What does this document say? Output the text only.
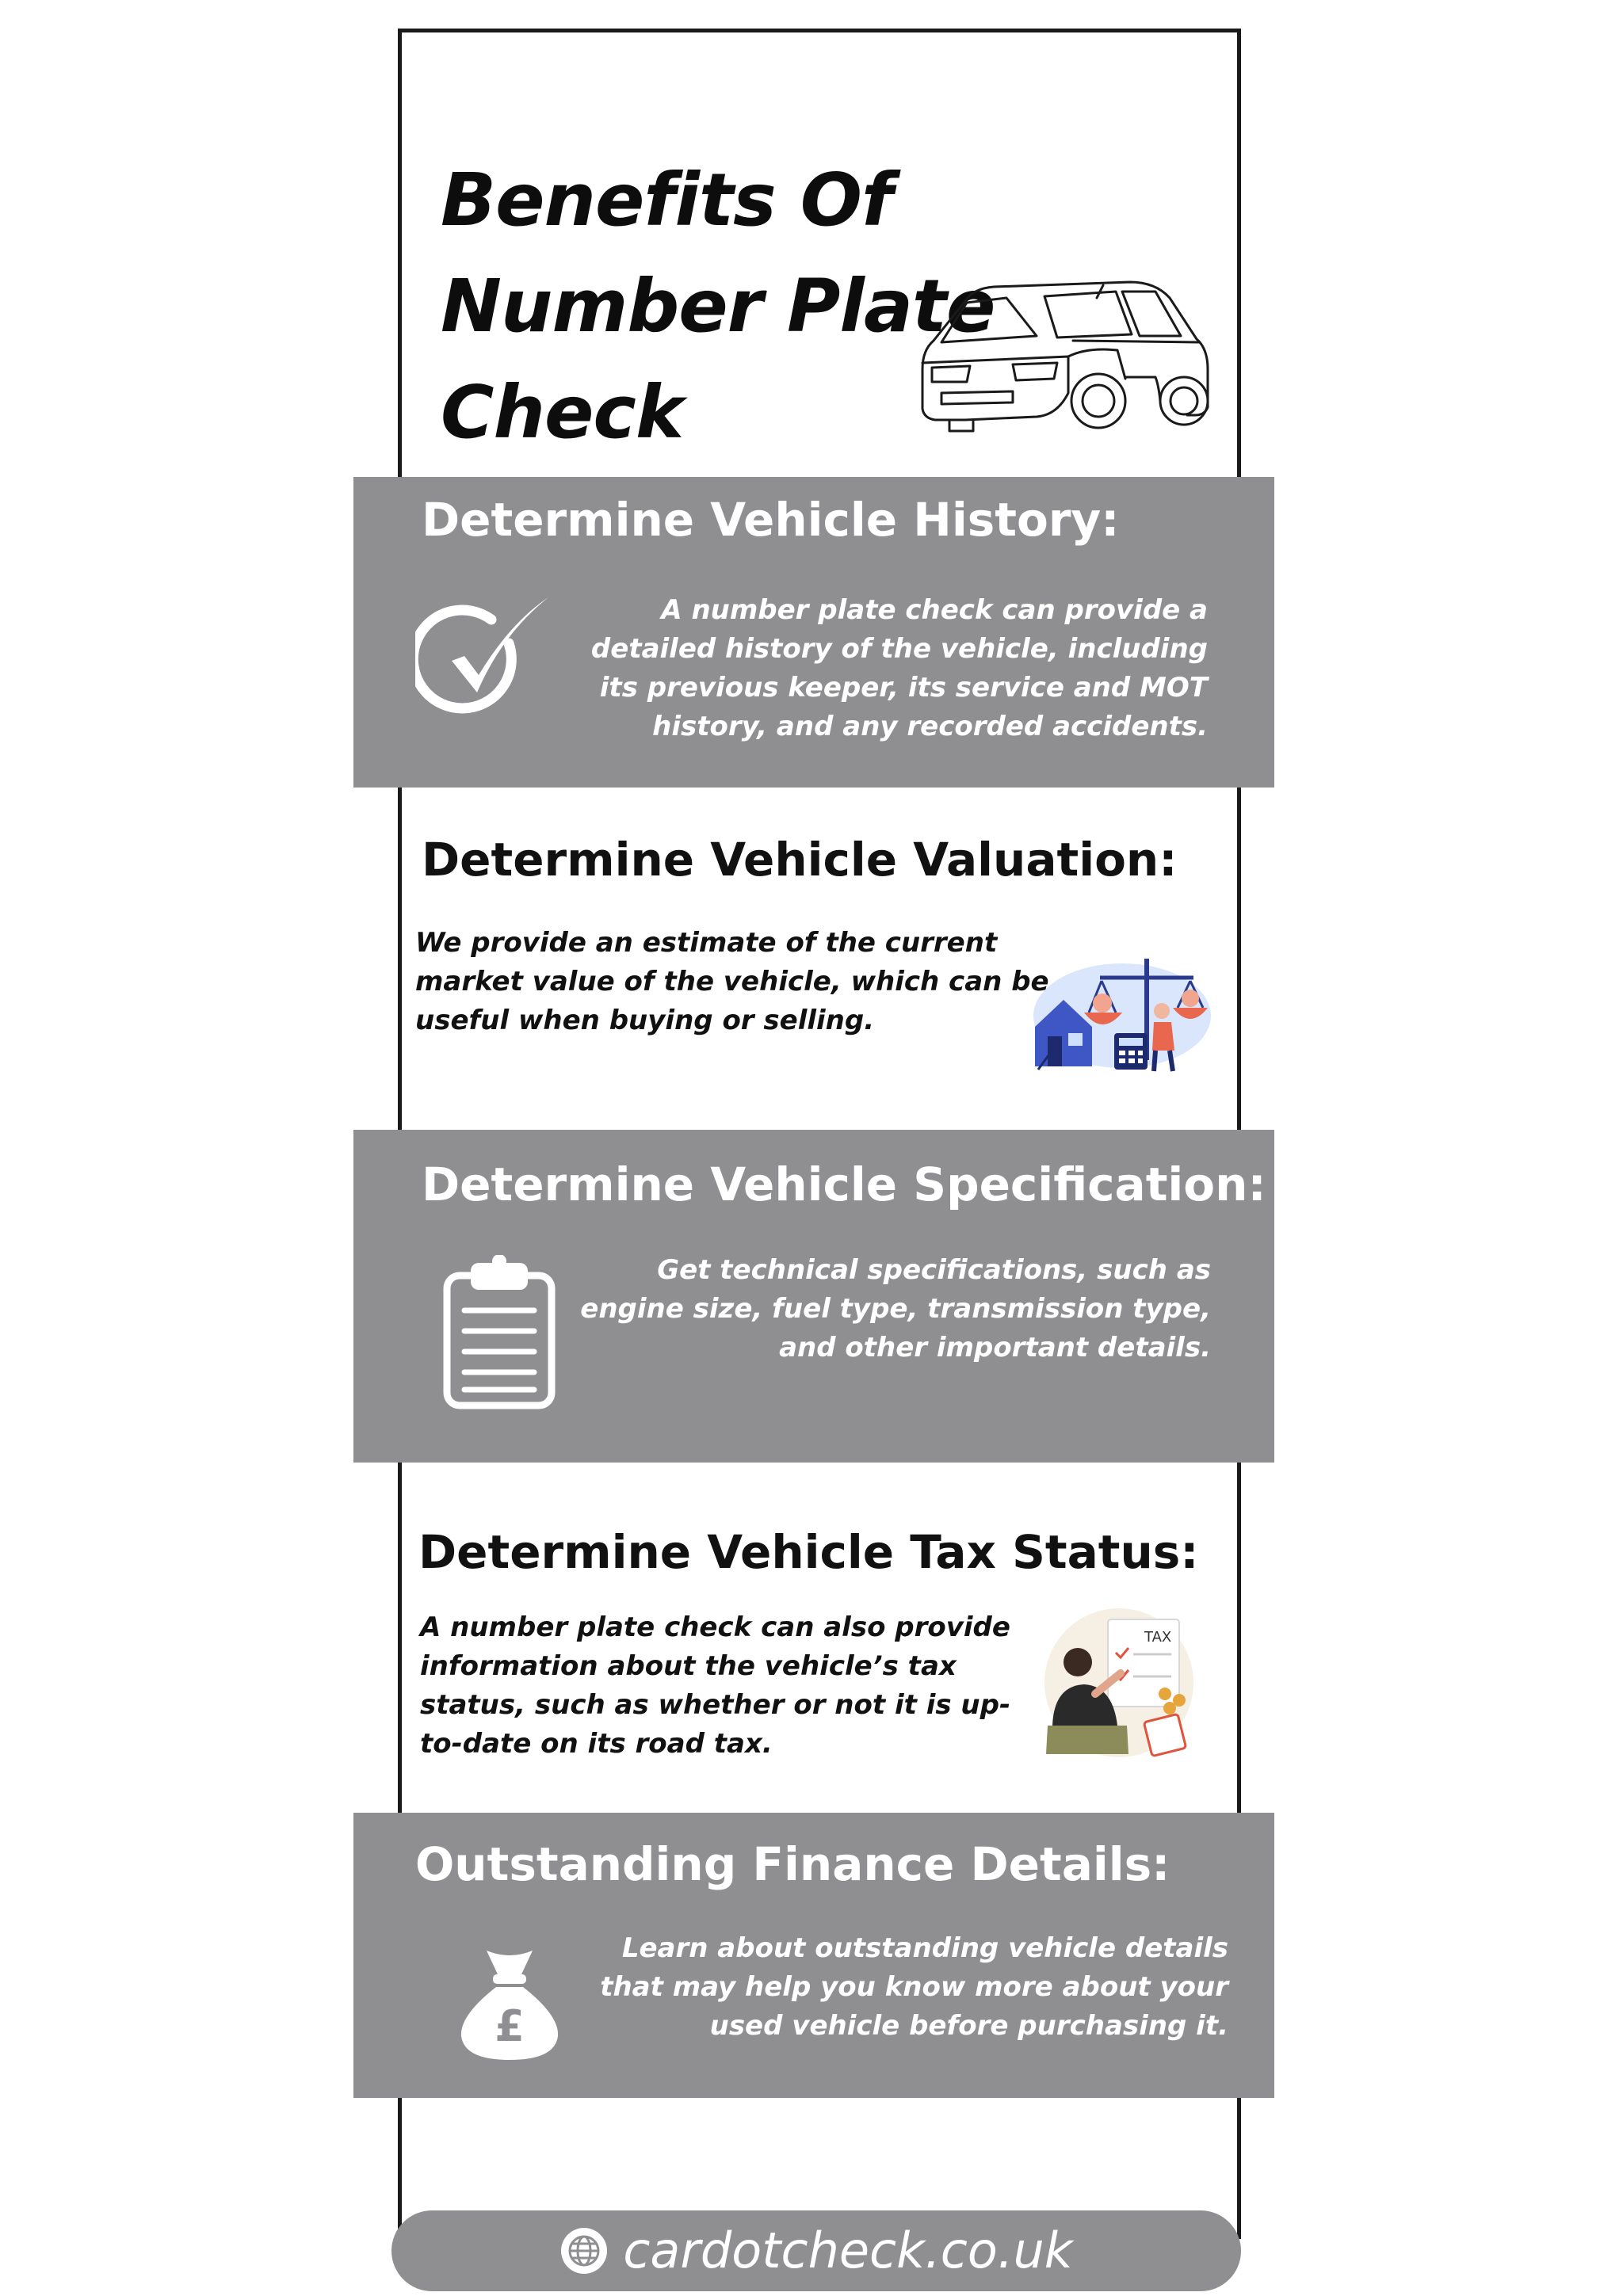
Benefits Of Number Plate Check
Determine Vehicle History:

A number plate check can provide a detailed history of the vehicle, including its previous keeper, its service and MOT history, and any recorded accidents.

Determine Vehicle Valuation:

We provide an estimate of the current market value of the vehicle, which can be useful when buying or selling.

Determine Vehicle Specification:

Get technical specifications, such as engine size, fuel type, transmission type, and other important details.

Determine Vehicle Tax Status:

A number plate check can also provide information about the vehicle’s tax status, such as whether or not it is up-to-date on its road tax.

TAX
Outstanding Finance Details:
£

Learn about outstanding vehicle details that may help you know more about your used vehicle before purchasing it.

cardotcheck.co.uk
